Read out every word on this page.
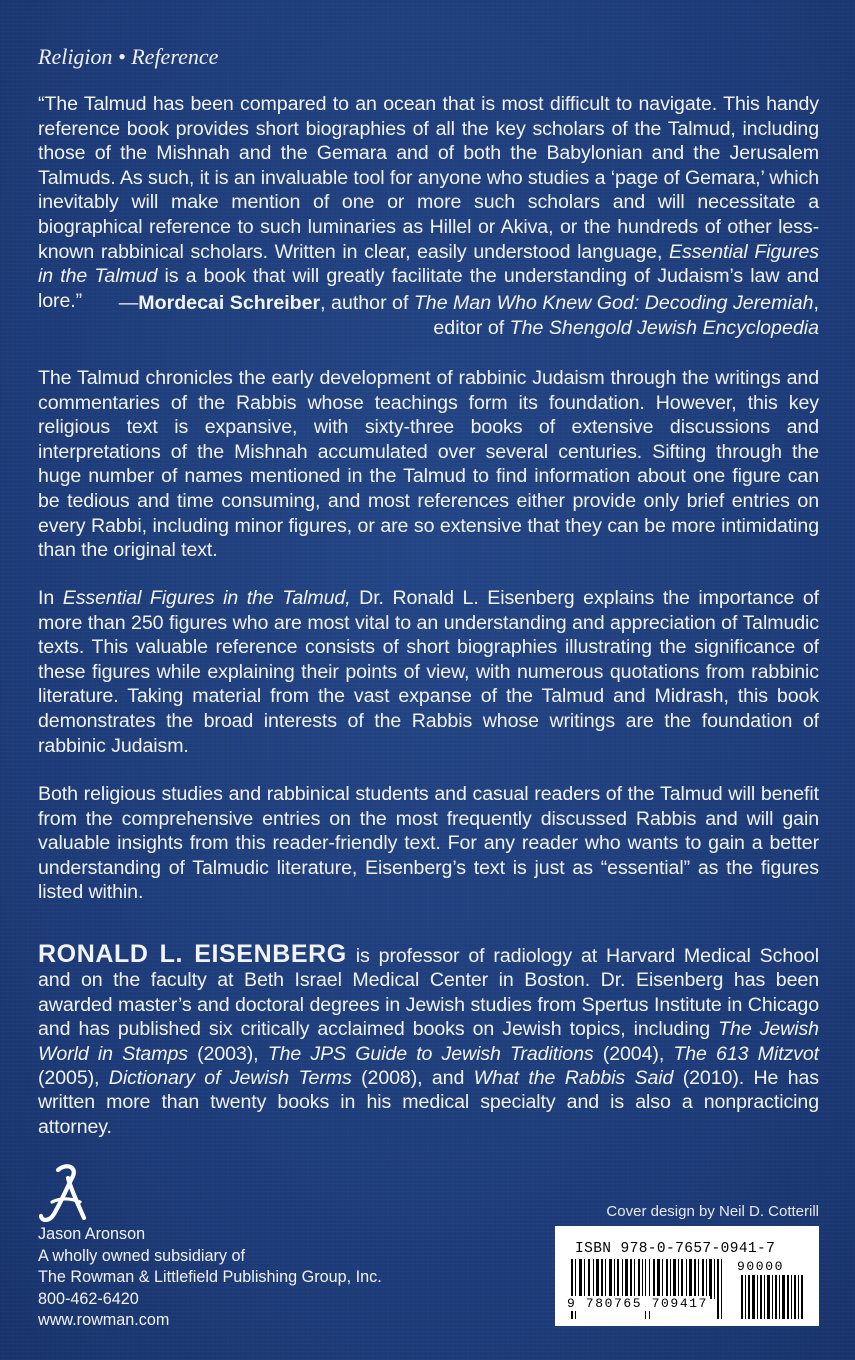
Religion • Reference
“The Talmud has been compared to an ocean that is most difficult to navigate. This handy reference book provides short biographies of all the key scholars of the Talmud, including those of the Mishnah and the Gemara and of both the Babylonian and the Jerusalem Talmuds. As such, it is an invaluable tool for anyone who studies a ‘page of Gemara,’ which inevitably will make mention of one or more such scholars and will necessitate a biographical reference to such luminaries as Hillel or Akiva, or the hundreds of other less-known rabbinical scholars. Written in clear, easily understood language, Essential Figures in the Talmud is a book that will greatly facilitate the understanding of Judaism’s law and lore.”	—Mordecai Schreiber, author of The Man Who Knew God: Decoding Jeremiah,
editor of The Shengold Jewish Encyclopedia
The Talmud chronicles the early development of rabbinic Judaism through the writings and commentaries of the Rabbis whose teachings form its foundation. However, this key religious text is expansive, with sixty-three books of extensive discussions and interpretations of the Mishnah accumulated over several centuries. Sifting through the huge number of names mentioned in the Talmud to find information about one figure can be tedious and time consuming, and most references either provide only brief entries on every Rabbi, including minor figures, or are so extensive that they can be more intimidating than the original text.
In Essential Figures in the Talmud, Dr. Ronald L. Eisenberg explains the importance of more than 250 figures who are most vital to an understanding and appreciation of Talmudic texts. This valuable reference consists of short biographies illustrating the significance of these figures while explaining their points of view, with numerous quotations from rabbinic literature. Taking material from the vast expanse of the Talmud and Midrash, this book demonstrates the broad interests of the Rabbis whose writings are the foundation of rabbinic Judaism.
Both religious studies and rabbinical students and casual readers of the Talmud will benefit from the comprehensive entries on the most frequently discussed Rabbis and will gain valuable insights from this reader-friendly text. For any reader who wants to gain a better understanding of Talmudic literature, Eisenberg’s text is just as “essential” as the figures listed within.
RONALD L. EISENBERG is professor of radiology at Harvard Medical School and on the faculty at Beth Israel Medical Center in Boston. Dr. Eisenberg has been awarded master’s and doctoral degrees in Jewish studies from Spertus Institute in Chicago and has published six critically acclaimed books on Jewish topics, including The Jewish World in Stamps (2003), The JPS Guide to Jewish Traditions (2004), The 613 Mitzvot (2005), Dictionary of Jewish Terms (2008), and What the Rabbis Said (2010). He has written more than twenty books in his medical specialty and is also a nonpracticing attorney.
Jason Aronson
A wholly owned subsidiary of
The Rowman & Littlefield Publishing Group, Inc.
800-462-6420
www.rowman.com
Cover design by Neil D. Cotterill
ISBN 978-0-7657-0941-7
90000
9 780765 709417
